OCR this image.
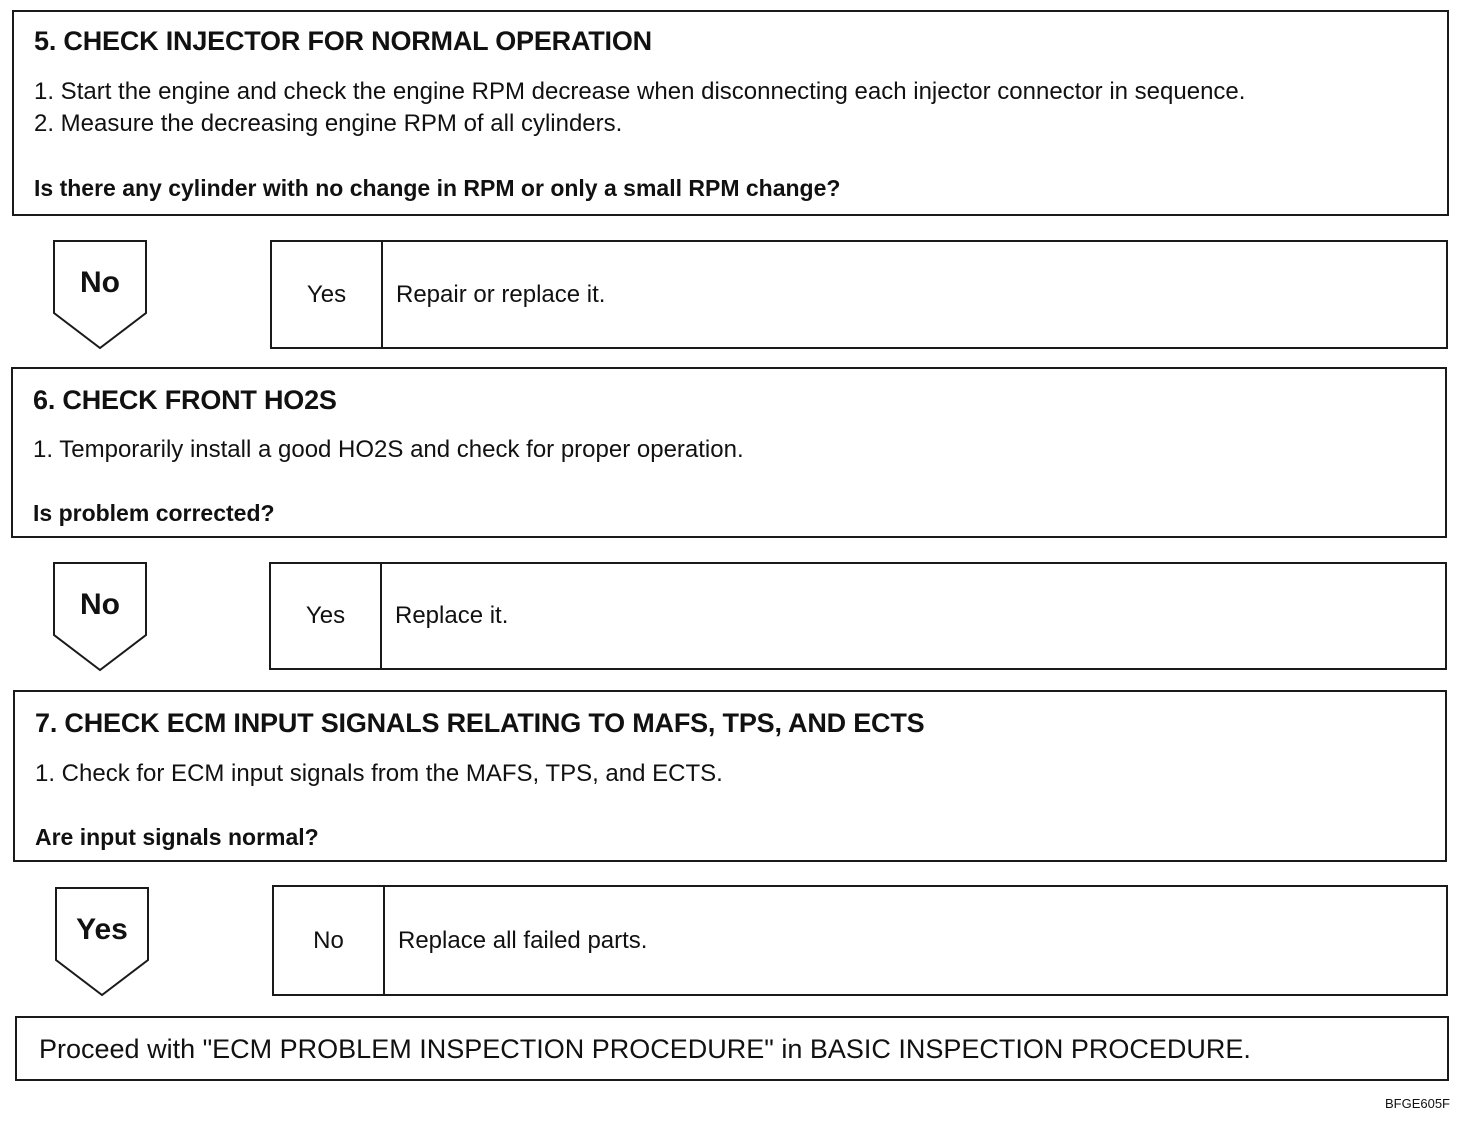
5. CHECK INJECTOR FOR NORMAL OPERATION
1. Start the engine and check the engine RPM decrease when disconnecting each injector connector in sequence.
2. Measure the decreasing engine RPM of all cylinders.
Is there any cylinder with no change in RPM or only a small RPM change?
No	Yes	Repair or replace it.
6. CHECK FRONT HO2S
1. Temporarily install a good HO2S and check for proper operation.
Is problem corrected?
No	Yes	Replace it.
7. CHECK ECM INPUT SIGNALS RELATING TO MAFS, TPS, AND ECTS
1. Check for ECM input signals from the MAFS, TPS, and ECTS.
Are input signals normal?
Yes	No	Replace all failed parts.
Proceed with "ECM PROBLEM INSPECTION PROCEDURE" in BASIC INSPECTION PROCEDURE.
BFGE605F
